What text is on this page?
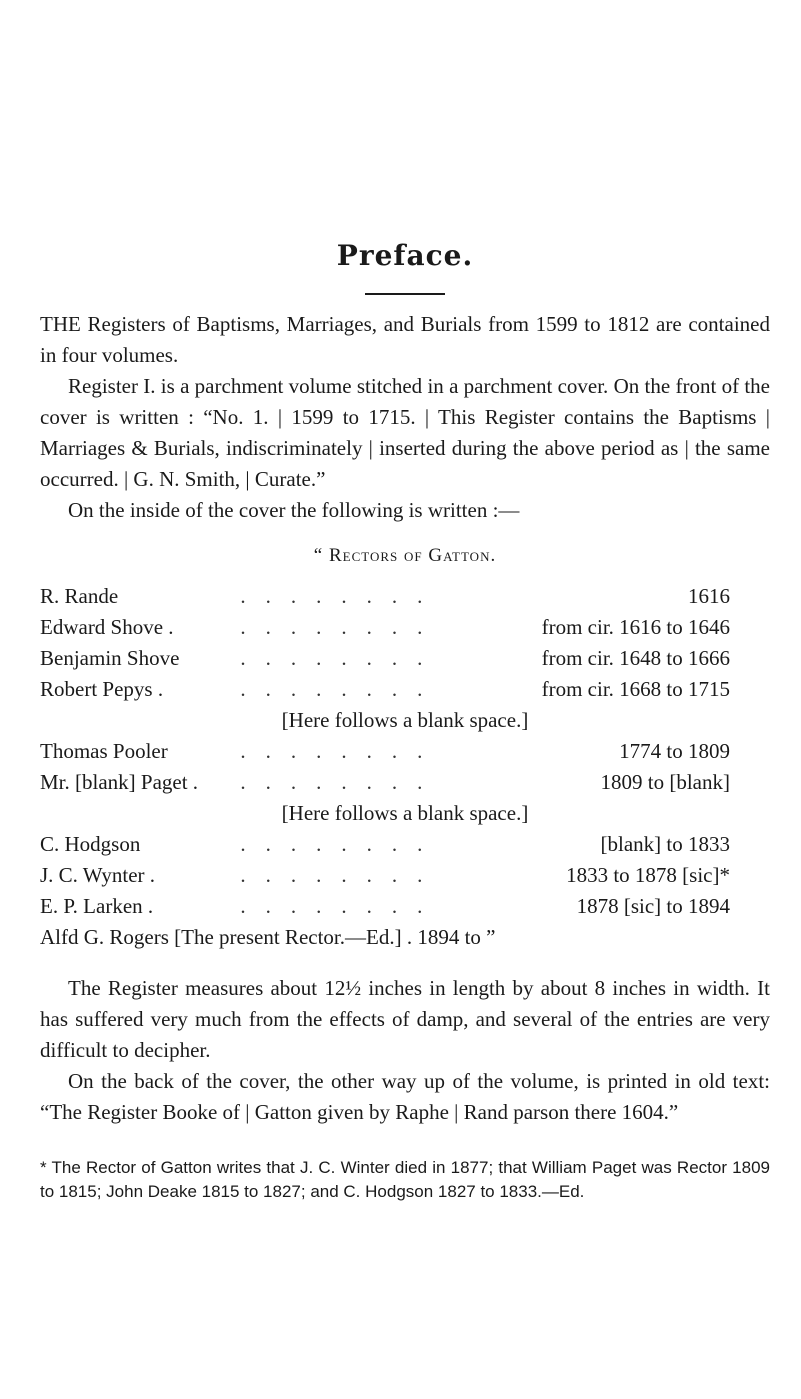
Preface.

THE Registers of Baptisms, Marriages, and Burials from 1599 to 1812 are contained in four volumes.

Register I. is a parchment volume stitched in a parchment cover. On the front of the cover is written : “No. 1. | 1599 to 1715. | This Register contains the Baptisms | Marriages & Burials, indiscriminately | inserted during the above period as | the same occurred. | G. N. Smith, | Curate.”

On the inside of the cover the following is written :—

“ Rectors of Gatton.
R. Rande	........	1616
Edward Shove .	........	from cir. 1616 to 1646
Benjamin Shove	........	from cir. 1648 to 1666
Robert Pepys .	........	from cir. 1668 to 1715
[Here follows a blank space.]
Thomas Pooler	........	1774 to 1809
Mr. [blank] Paget .	........	1809 to [blank]
[Here follows a blank space.]
C. Hodgson	........	[blank] to 1833
J. C. Wynter .	........	1833 to 1878 [sic]*
E. P. Larken .	........	1878 [sic] to 1894
Alfd G. Rogers [The present Rector.—Ed.] . 1894 to ”

The Register measures about 12½ inches in length by about 8 inches in width. It has suffered very much from the effects of damp, and several of the entries are very difficult to decipher.

On the back of the cover, the other way up of the volume, is printed in old text: “The Register Booke of | Gatton given by Raphe | Rand parson there 1604.”

* The Rector of Gatton writes that J. C. Winter died in 1877; that William Paget was Rector 1809 to 1815; John Deake 1815 to 1827; and C. Hodgson 1827 to 1833.—Ed.
